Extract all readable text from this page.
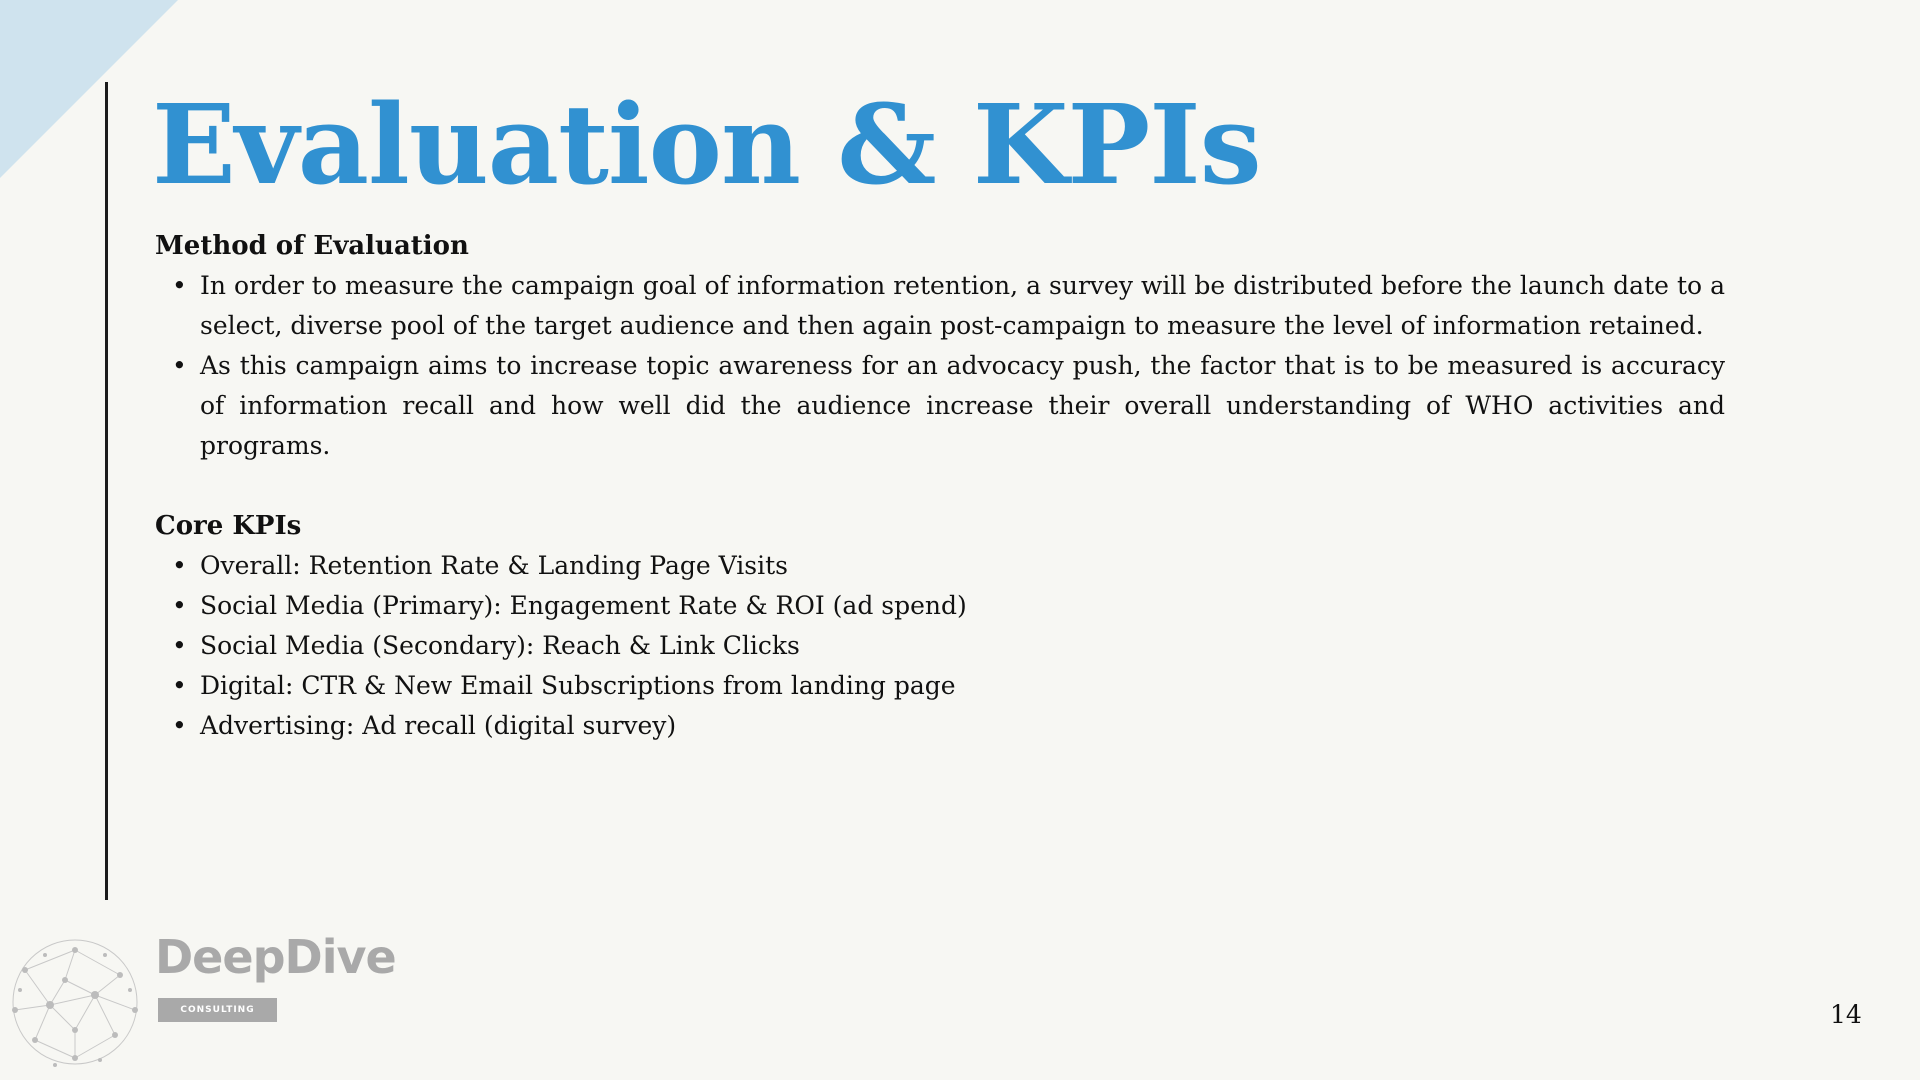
Evaluation & KPIs

Method of Evaluation

• In order to measure the campaign goal of information retention, a survey will be distributed before the launch date to a select, diverse pool of the target audience and then again post-campaign to measure the level of information retained.
• As this campaign aims to increase topic awareness for an advocacy push, the factor that is to be measured is accuracy of information recall and how well did the audience increase their overall understanding of WHO activities and programs.

Core KPIs

• Overall: Retention Rate & Landing Page Visits
• Social Media (Primary): Engagement Rate & ROI (ad spend)
• Social Media (Secondary): Reach & Link Clicks
• Digital: CTR & New Email Subscriptions from landing page
• Advertising: Ad recall (digital survey)
DeepDive
CONSULTING	14
